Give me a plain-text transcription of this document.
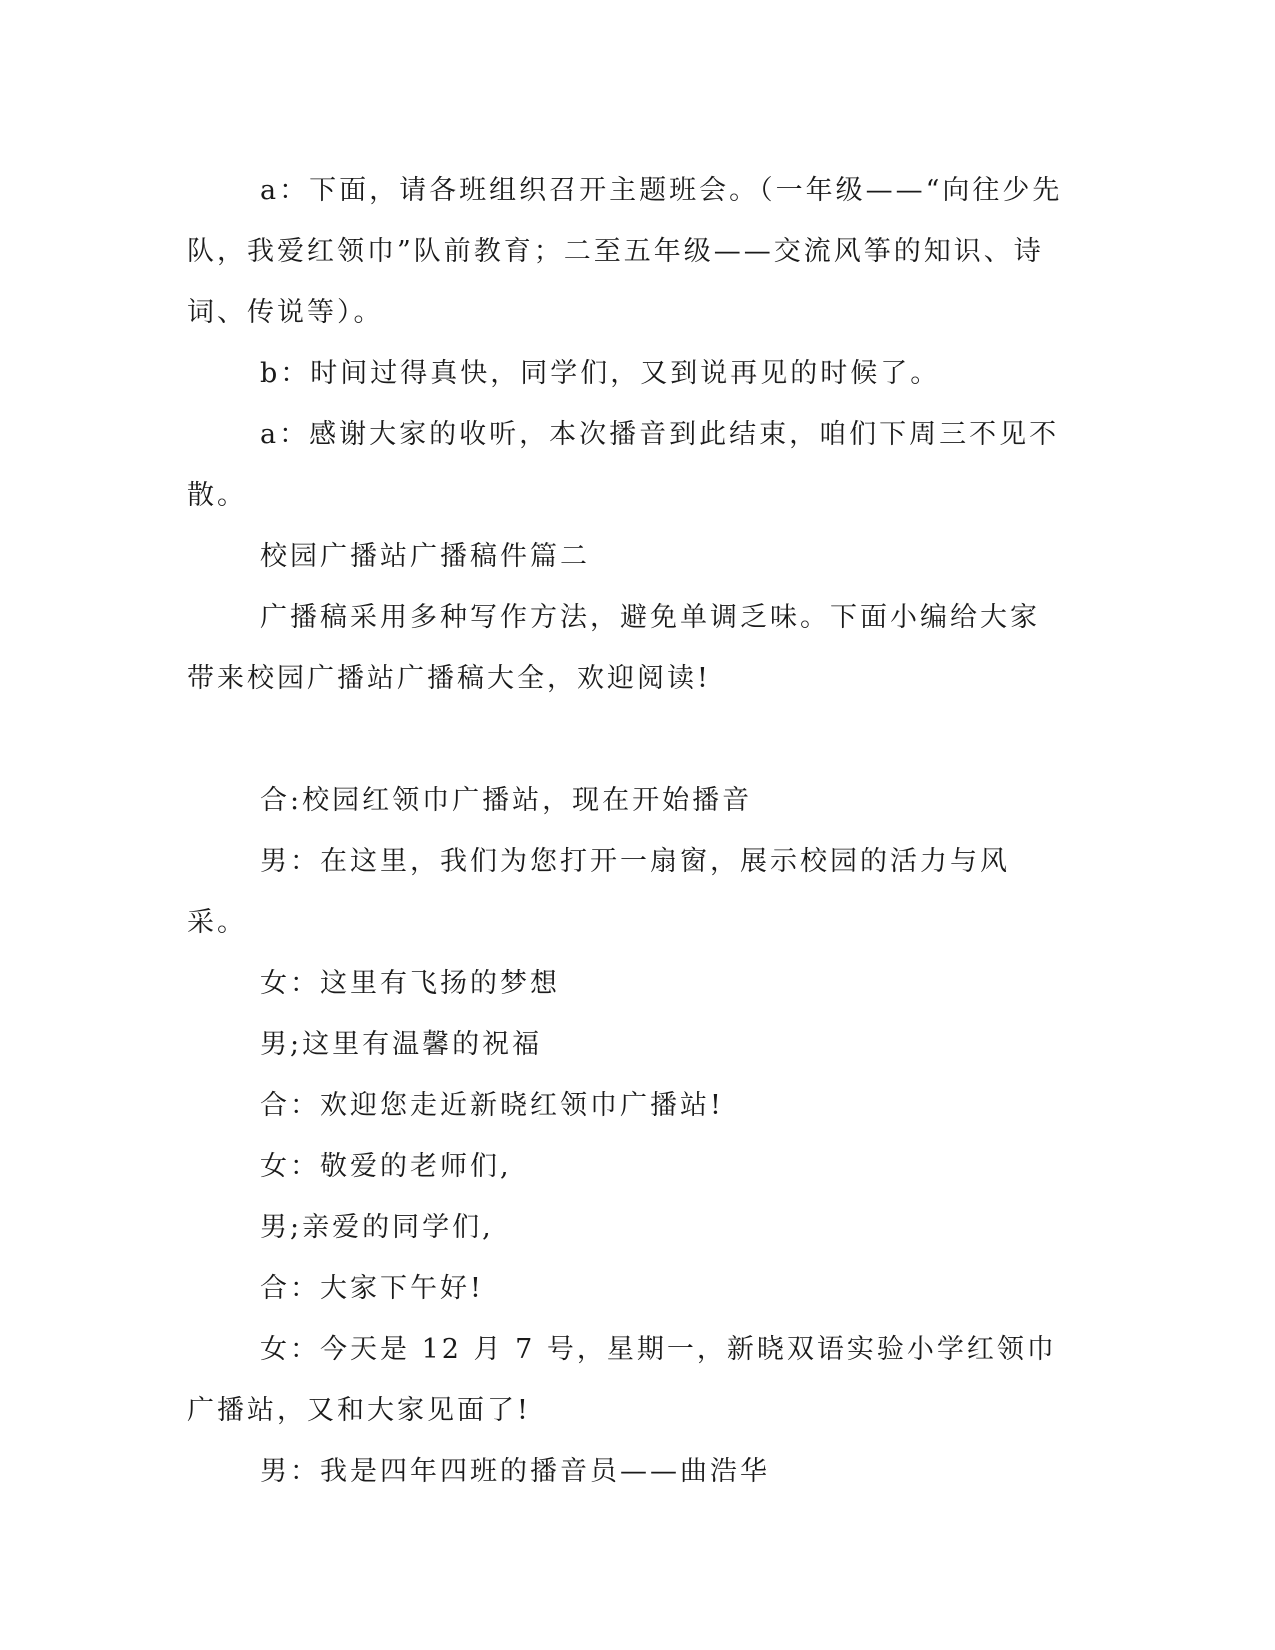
a：下面，请各班组织召开主题班会。（一年级——“向往少先队，我爱红领巾”队前教育；二至五年级——交流风筝的知识、诗词、传说等）。

b：时间过得真快，同学们，又到说再见的时候了。

a：感谢大家的收听，本次播音到此结束，咱们下周三不见不散。

校园广播站广播稿件篇二

广播稿采用多种写作方法，避免单调乏味。下面小编给大家带来校园广播站广播稿大全，欢迎阅读!

合:校园红领巾广播站，现在开始播音

男：在这里，我们为您打开一扇窗，展示校园的活力与风采。

女：这里有飞扬的梦想

男;这里有温馨的祝福

合：欢迎您走近新晓红领巾广播站!

女：敬爱的老师们,

男;亲爱的同学们,

合：大家下午好!

女：今天是 12 月 7 号，星期一，新晓双语实验小学红领巾广播站，又和大家见面了!

男：我是四年四班的播音员——曲浩华
